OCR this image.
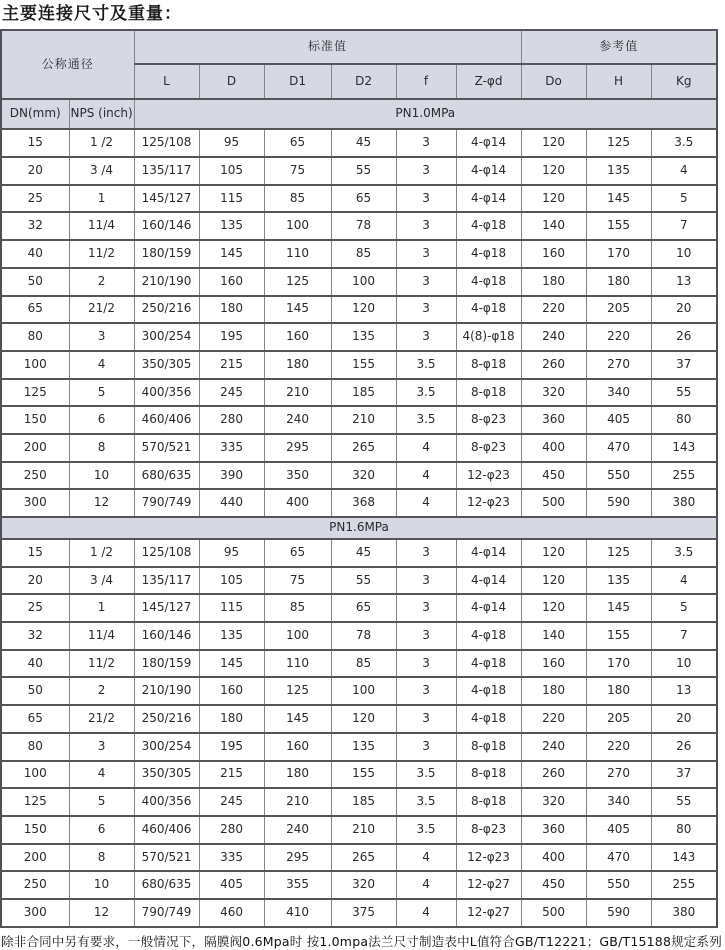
主要连接尺寸及重量：
公称通径		标准值						参考值		
		L	D	D1	D2	f	Z-φd	Do	H	Kg
DN(mm)	NPS (inch)	PN1.0MPa								
15	1 /2	125/108	95	65	45	3	4-φ14	120	125	3.5
20	3 /4	135/117	105	75	55	3	4-φ14	120	135	4
25	1	145/127	115	85	65	3	4-φ14	120	145	5
32	11/4	160/146	135	100	78	3	4-φ18	140	155	7
40	11/2	180/159	145	110	85	3	4-φ18	160	170	10
50	2	210/190	160	125	100	3	4-φ18	180	180	13
65	21/2	250/216	180	145	120	3	4-φ18	220	205	20
80	3	300/254	195	160	135	3	4(8)-φ18	240	220	26
100	4	350/305	215	180	155	3.5	8-φ18	260	270	37
125	5	400/356	245	210	185	3.5	8-φ18	320	340	55
150	6	460/406	280	240	210	3.5	8-φ23	360	405	80
200	8	570/521	335	295	265	4	8-φ23	400	470	143
250	10	680/635	390	350	320	4	12-φ23	450	550	255
300	12	790/749	440	400	368	4	12-φ23	500	590	380
PN1.6MPa										
15	1 /2	125/108	95	65	45	3	4-φ14	120	125	3.5
20	3 /4	135/117	105	75	55	3	4-φ14	120	135	4
25	1	145/127	115	85	65	3	4-φ14	120	145	5
32	11/4	160/146	135	100	78	3	4-φ18	140	155	7
40	11/2	180/159	145	110	85	3	4-φ18	160	170	10
50	2	210/190	160	125	100	3	4-φ18	180	180	13
65	21/2	250/216	180	145	120	3	4-φ18	220	205	20
80	3	300/254	195	160	135	3	8-φ18	240	220	26
100	4	350/305	215	180	155	3.5	8-φ18	260	270	37
125	5	400/356	245	210	185	3.5	8-φ18	320	340	55
150	6	460/406	280	240	210	3.5	8-φ23	360	405	80
200	8	570/521	335	295	265	4	12-φ23	400	470	143
250	10	680/635	405	355	320	4	12-φ27	450	550	255
300	12	790/749	460	410	375	4	12-φ27	500	590	380
除非合同中另有要求，一般情况下，隔膜阀0.6Mpa时 按1.0mpa法兰尺寸制造表中L值符合GB/T12221；GB/T15188规定系列
